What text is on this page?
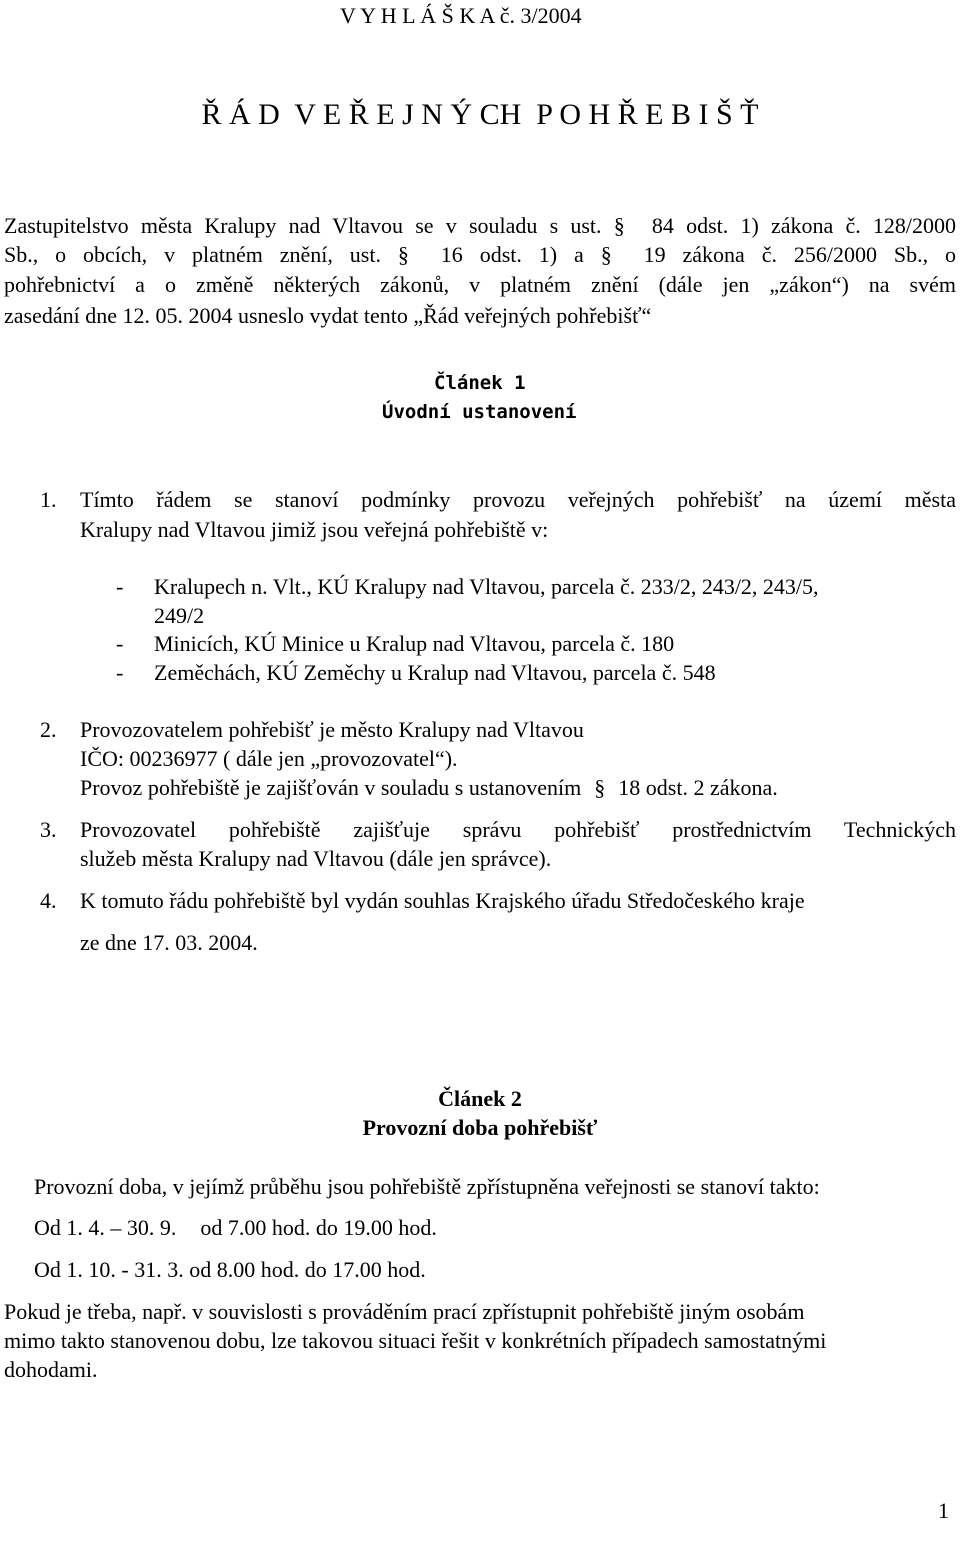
V Y H L Á Š K A č. 3/2004
Ř Á D  V E Ř E J N Ý CH  P O H Ř E B I Š Ť

Zastupitelstvo města Kralupy nad Vltavou se v souladu s ust. § 84 odst. 1) zákona č. 128/2000

Sb., o obcích, v platném znění, ust. § 16 odst. 1) a § 19 zákona č. 256/2000 Sb., o

pohřebnictví a o změně některých zákonů, v platném znění (dále jen „zákon“) na svém

zasedání dne 12. 05. 2004 usneslo vydat tento „Řád veřejných pohřebišť“

Článek 1
Úvodní ustanovení
1. Tímto řádem se stanoví podmínky provozu veřejných pohřebišť na území města

Kralupy nad Vltavou jimiž jsou veřejná pohřebiště v:

- Kralupech n. Vlt., KÚ Kralupy nad Vltavou, parcela č. 233/2, 243/2, 243/5,
249/2
- Minicích, KÚ Minice u Kralup nad Vltavou, parcela č. 180
- Zeměchách, KÚ Zeměchy u Kralup nad Vltavou, parcela č. 548
2. Provozovatelem pohřebišť je město Kralupy nad Vltavou

IČO: 00236977 ( dále jen „provozovatel“).

Provoz pohřebiště je zajišťován v souladu s ustanovením § 18 odst. 2 zákona.

3. Provozovatel pohřebiště zajišťuje správu pohřebišť prostřednictvím Technických

služeb města Kralupy nad Vltavou (dále jen správce).

4. K tomuto řádu pohřebiště byl vydán souhlas Krajského úřadu Středočeského kraje

ze dne 17. 03. 2004.

Článek 2
Provozní doba pohřebišť

Provozní doba, v jejímž průběhu jsou pohřebiště zpřístupněna veřejnosti se stanoví takto:

Od 1. 4. – 30. 9. od 7.00 hod. do 19.00 hod.

Od 1. 10. - 31. 3. od 8.00 hod. do 17.00 hod.

Pokud je třeba, např. v souvislosti s prováděním prací zpřístupnit pohřebiště jiným osobám

mimo takto stanovenou dobu, lze takovou situaci řešit v konkrétních případech samostatnými

dohodami.

1
